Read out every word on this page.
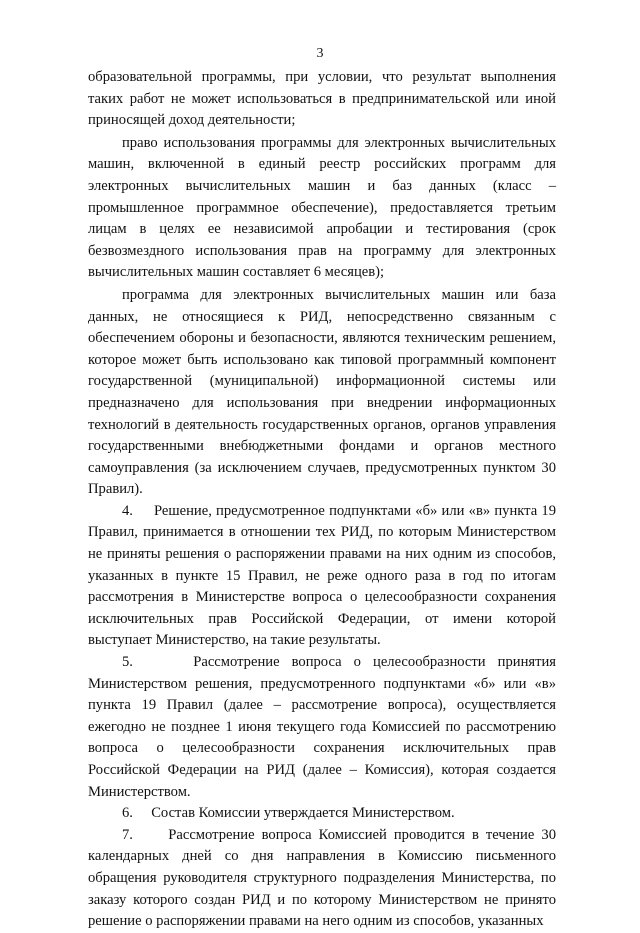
3

образовательной программы, при условии, что результат выполнения таких работ не может использоваться в предпринимательской или иной приносящей доход деятельности;

право использования программы для электронных вычислительных машин, включенной в единый реестр российских программ для электронных вычислительных машин и баз данных (класс – промышленное программное обеспечение), предоставляется третьим лицам в целях ее независимой апробации и тестирования (срок безвозмездного использования прав на программу для электронных вычислительных машин составляет 6 месяцев);

программа для электронных вычислительных машин или база данных, не относящиеся к РИД, непосредственно связанным с обеспечением обороны и безопасности, являются техническим решением, которое может быть использовано как типовой программный компонент государственной (муниципальной) информационной системы или предназначено для использования при внедрении информационных технологий в деятельность государственных органов, органов управления государственными внебюджетными фондами и органов местного самоуправления (за исключением случаев, предусмотренных пунктом 30 Правил).

4.     Решение, предусмотренное подпунктами «б» или «в» пункта 19 Правил, принимается в отношении тех РИД, по которым Министерством не приняты решения о распоряжении правами на них одним из способов, указанных в пункте 15 Правил, не реже одного раза в год по итогам рассмотрения в Министерстве вопроса о целесообразности сохранения исключительных прав Российской Федерации, от имени которой выступает Министерство, на такие результаты.

5.     Рассмотрение вопроса о целесообразности принятия Министерством решения, предусмотренного подпунктами «б» или «в» пункта 19 Правил (далее – рассмотрение вопроса), осуществляется ежегодно не позднее 1 июня текущего года Комиссией по рассмотрению вопроса о целесообразности сохранения исключительных прав Российской Федерации на РИД (далее – Комиссия), которая создается Министерством.

6.     Состав Комиссии утверждается Министерством.

7.     Рассмотрение вопроса Комиссией проводится в течение 30 календарных дней со дня направления в Комиссию письменного обращения руководителя структурного подразделения Министерства, по заказу которого создан РИД и по которому Министерством не принято решение о распоряжении правами на него одним из способов, указанных
